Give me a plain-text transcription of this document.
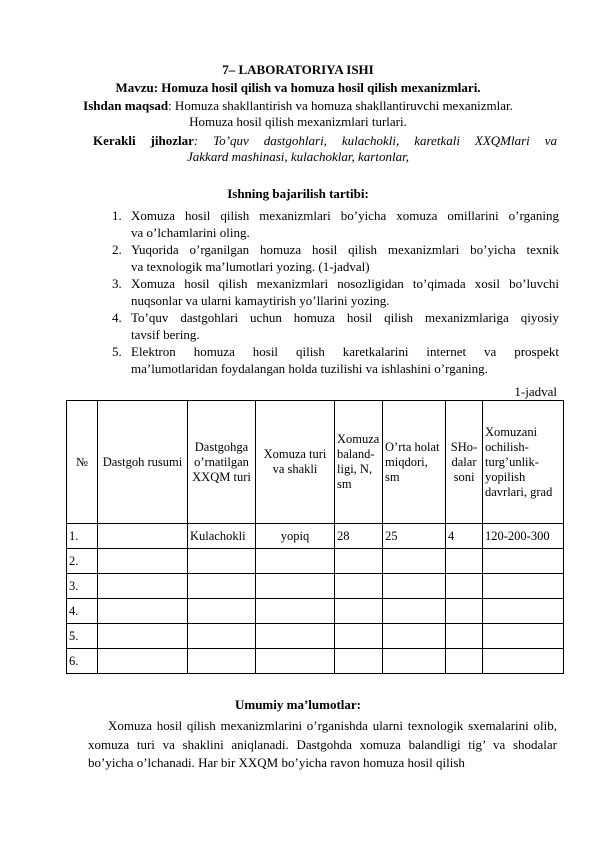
7– LABORATORIYA ISHI
Mavzu: Homuza hosil qilish va homuza hosil qilish mexanizmlari.
Ishdan maqsad: Homuza shakllantirish va homuza shakllantiruvchi mexanizmlar.
Homuza hosil qilish mexanizmlari turlari.
Kerakli jihozlar: To’quv dastgohlari, kulachokli, karetkali XXQMlari va
Jakkard mashinasi, kulachoklar, kartonlar,
Ishning bajarilish tartibi:
1. Xomuza hosil qilish mexanizmlari bo’yicha xomuza omillarini o’rganing
va o’lchamlarini oling.
2. Yuqorida o’rganilgan homuza hosil qilish mexanizmlari bo’yicha texnik
va texnologik ma’lumotlari yozing. (1-jadval)
3. Xomuza hosil qilish mexanizmlari nosozligidan to’qimada xosil bo’luvchi
nuqsonlar va ularni kamaytirish yo’llarini yozing.
4. To’quv dastgohlari uchun homuza hosil qilish mexanizmlariga qiyosiy
tavsif bering.
5. Elektron homuza hosil qilish karetkalarini internet va prospekt
ma’lumotlaridan foydalangan holda tuzilishi va ishlashini o’rganing.
1-jadval
№	Dastgoh rusumi	Dastgohga o’rnatilgan XXQM turi	Xomuza turi va shakli	Xomuza baland-ligi, N, sm	O’rta holat miqdori, sm	SHo-dalar soni	Xomuzani ochilish-turg’unlik-yopilish davrlari, grad
1.		Kulachokli	yopiq	28	25	4	120-200-300
2.							
3.							
4.							
5.							
6.							
Umumiy ma’lumotlar:
Xomuza hosil qilish mexanizmlarini o’rganishda ularni texnologik sxemalarini olib, xomuza turi va shaklini aniqlanadi. Dastgohda xomuza balandligi tig’ va shodalar bo’yicha o’lchanadi. Har bir XXQM bo’yicha ravon homuza hosil qilish
